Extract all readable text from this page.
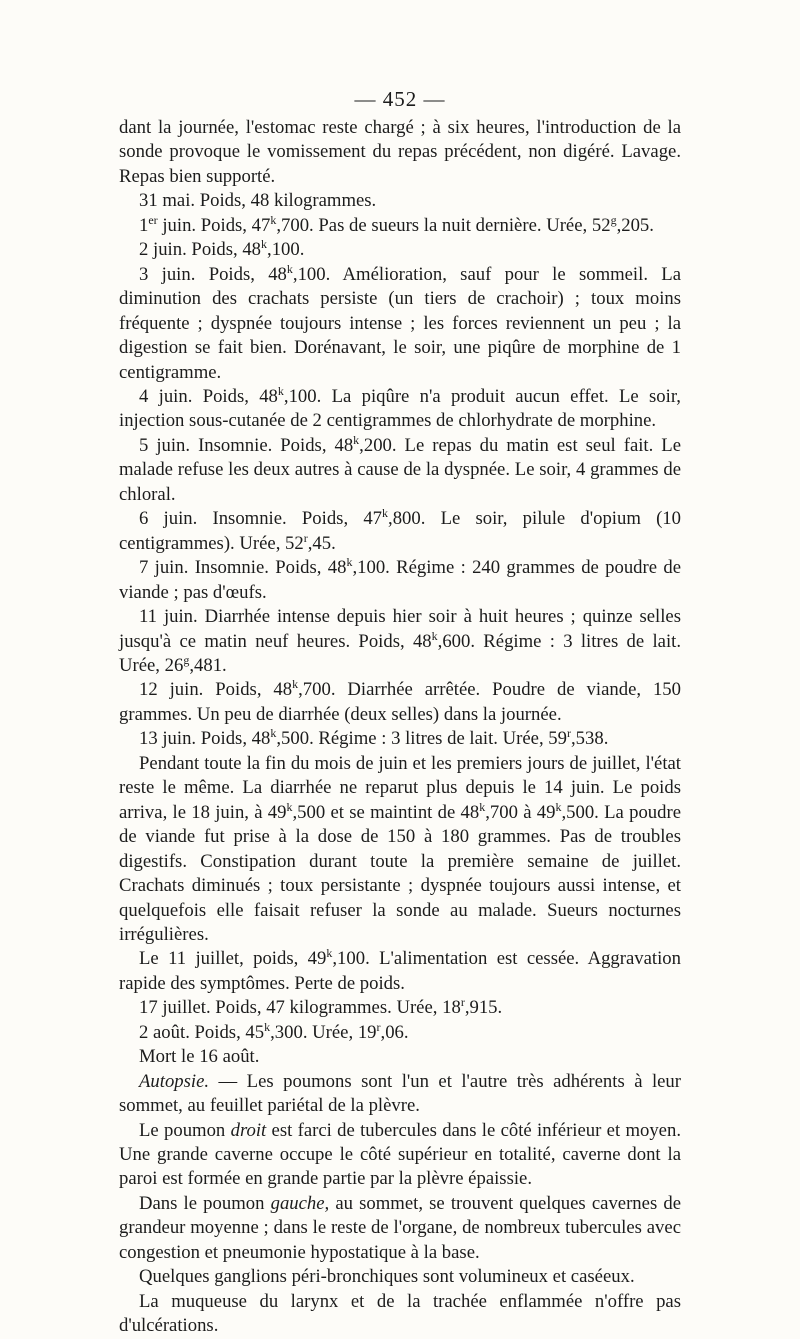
— 452 —

dant la journée, l'estomac reste chargé ; à six heures, l'introduction de la sonde provoque le vomissement du repas précédent, non digéré. Lavage. Repas bien supporté.

31 mai. Poids, 48 kilogrammes.

1er juin. Poids, 47$^k$,700. Pas de sueurs la nuit dernière. Urée, 52$^g$,205.

2 juin. Poids, 48$^k$,100.

3 juin. Poids, 48$^k$,100. Amélioration, sauf pour le sommeil. La diminution des crachats persiste (un tiers de crachoir) ; toux moins fréquente ; dyspnée toujours intense ; les forces reviennent un peu ; la digestion se fait bien. Dorénavant, le soir, une piqûre de morphine de 1 centigramme.

4 juin. Poids, 48$^k$,100. La piqûre n'a produit aucun effet. Le soir, injection sous-cutanée de 2 centigrammes de chlorhydrate de morphine.

5 juin. Insomnie. Poids, 48$^k$,200. Le repas du matin est seul fait. Le malade refuse les deux autres à cause de la dyspnée. Le soir, 4 grammes de chloral.

6 juin. Insomnie. Poids, 47$^k$,800. Le soir, pilule d'opium (10 centigrammes). Urée, 52$^r$,45.

7 juin. Insomnie. Poids, 48$^k$,100. Régime : 240 grammes de poudre de viande ; pas d'œufs.

11 juin. Diarrhée intense depuis hier soir à huit heures ; quinze selles jusqu'à ce matin neuf heures. Poids, 48$^k$,600. Régime : 3 litres de lait. Urée, 26$^g$,481.

12 juin. Poids, 48$^k$,700. Diarrhée arrêtée. Poudre de viande, 150 grammes. Un peu de diarrhée (deux selles) dans la journée.

13 juin. Poids, 48$^k$,500. Régime : 3 litres de lait. Urée, 59$^r$,538.

Pendant toute la fin du mois de juin et les premiers jours de juillet, l'état reste le même. La diarrhée ne reparut plus depuis le 14 juin. Le poids arriva, le 18 juin, à 49$^k$,500 et se maintint de 48$^k$,700 à 49$^k$,500. La poudre de viande fut prise à la dose de 150 à 180 grammes. Pas de troubles digestifs. Constipation durant toute la première semaine de juillet. Crachats diminués ; toux persistante ; dyspnée toujours aussi intense, et quelquefois elle faisait refuser la sonde au malade. Sueurs nocturnes irrégulières.

Le 11 juillet, poids, 49$^k$,100. L'alimentation est cessée. Aggravation rapide des symptômes. Perte de poids.

17 juillet. Poids, 47 kilogrammes. Urée, 18$^r$,915.

2 août. Poids, 45$^k$,300. Urée, 19$^r$,06.

Mort le 16 août.

Autopsie. — Les poumons sont l'un et l'autre très adhérents à leur sommet, au feuillet pariétal de la plèvre.

Le poumon droit est farci de tubercules dans le côté inférieur et moyen. Une grande caverne occupe le côté supérieur en totalité, caverne dont la paroi est formée en grande partie par la plèvre épaissie.

Dans le poumon gauche, au sommet, se trouvent quelques cavernes de grandeur moyenne ; dans le reste de l'organe, de nombreux tubercules avec congestion et pneumonie hypostatique à la base.

Quelques ganglions péri-bronchiques sont volumineux et caséeux.

La muqueuse du larynx et de la trachée enflammée n'offre pas d'ulcérations.
